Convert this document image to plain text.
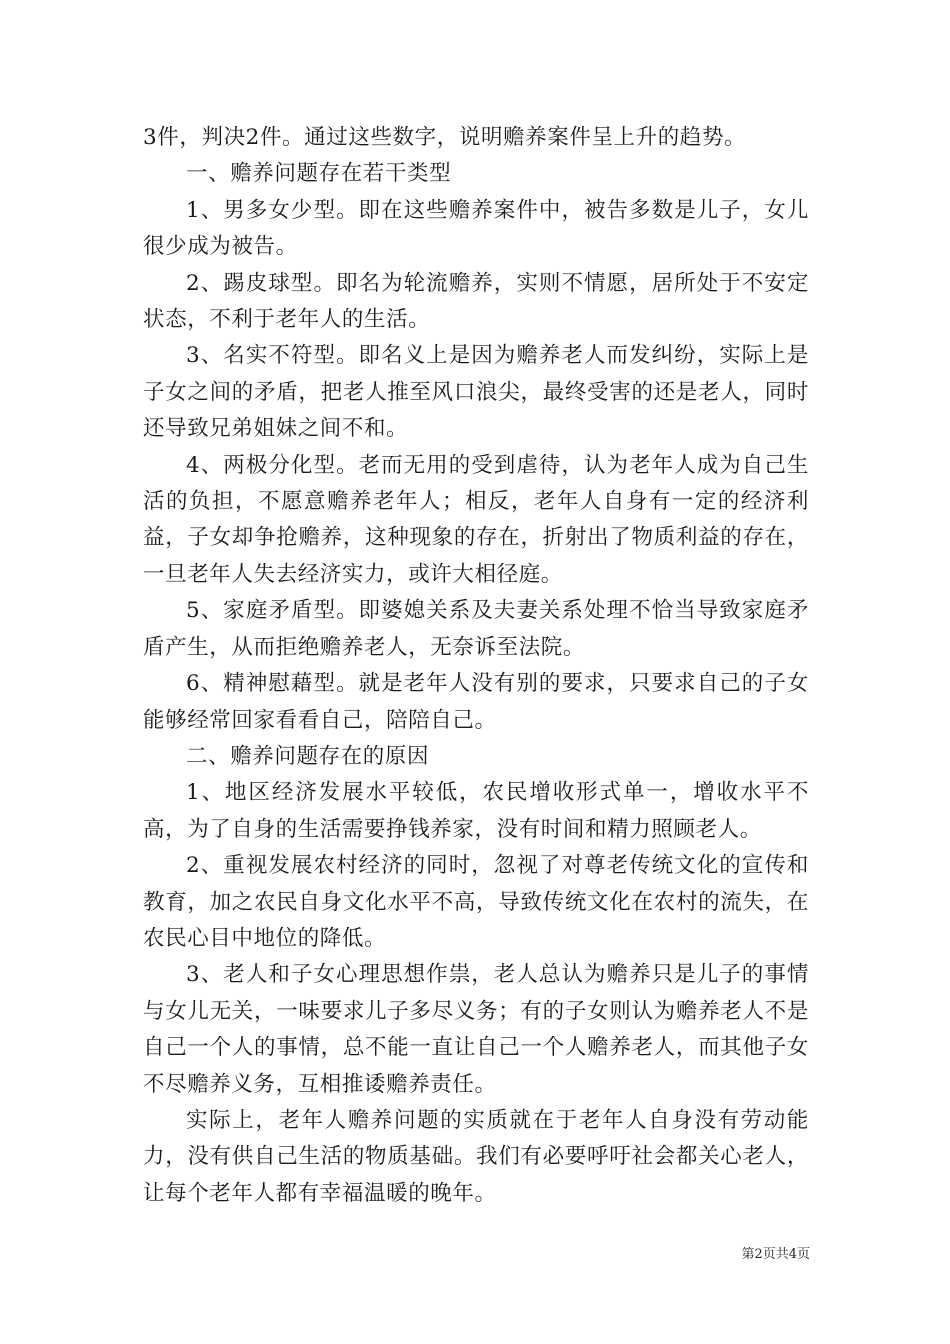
3件，判决2件。通过这些数字，说明赡养案件呈上升的趋势。

一、赡养问题存在若干类型

1、男多女少型。即在这些赡养案件中，被告多数是儿子，女儿很少成为被告。

2、踢皮球型。即名为轮流赡养，实则不情愿，居所处于不安定状态，不利于老年人的生活。

3、名实不符型。即名义上是因为赡养老人而发纠纷，实际上是子女之间的矛盾，把老人推至风口浪尖，最终受害的还是老人，同时还导致兄弟姐妹之间不和。

4、两极分化型。老而无用的受到虐待，认为老年人成为自己生活的负担，不愿意赡养老年人；相反，老年人自身有一定的经济利益，子女却争抢赡养，这种现象的存在，折射出了物质利益的存在，一旦老年人失去经济实力，或许大相径庭。

5、家庭矛盾型。即婆媳关系及夫妻关系处理不恰当导致家庭矛盾产生，从而拒绝赡养老人，无奈诉至法院。

6、精神慰藉型。就是老年人没有别的要求，只要求自己的子女能够经常回家看看自己，陪陪自己。

二、赡养问题存在的原因

1、地区经济发展水平较低，农民增收形式单一，增收水平不高，为了自身的生活需要挣钱养家，没有时间和精力照顾老人。

2、重视发展农村经济的同时，忽视了对尊老传统文化的宣传和教育，加之农民自身文化水平不高，导致传统文化在农村的流失，在农民心目中地位的降低。

3、老人和子女心理思想作祟，老人总认为赡养只是儿子的事情与女儿无关，一味要求儿子多尽义务；有的子女则认为赡养老人不是自己一个人的事情，总不能一直让自己一个人赡养老人，而其他子女不尽赡养义务，互相推诿赡养责任。

实际上，老年人赡养问题的实质就在于老年人自身没有劳动能力，没有供自己生活的物质基础。我们有必要呼吁社会都关心老人，让每个老年人都有幸福温暖的晚年。

第2页共4页
